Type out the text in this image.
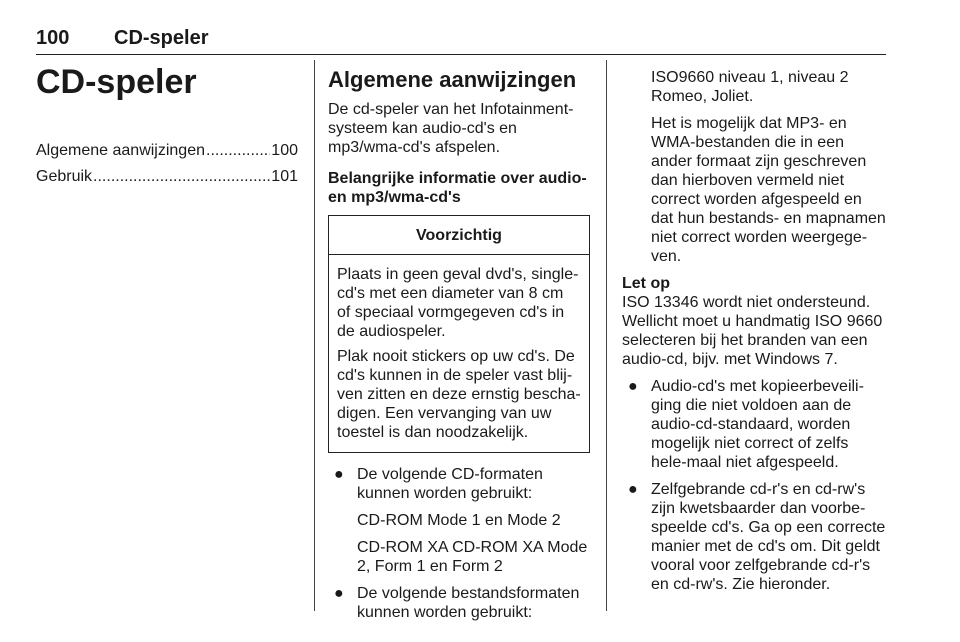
100 CD-speler
CD-speler
Algemene aanwijzingen .....	100
Gebruik .....	101
Algemene aanwijzingen

De cd-speler van het Infotainment-systeem kan audio-cd's en mp3/wma-cd's afspelen.

Belangrijke informatie over audio- en mp3/wma-cd's
Voorzichtig

Plaats in geen geval dvd's, single-cd's met een diameter van 8 cm of speciaal vormgegeven cd's in de audiospeler.

Plak nooit stickers op uw cd's. De cd's kunnen in de speler vast blij-ven zitten en deze ernstig bescha-digen. Een vervanging van uw toestel is dan noodzakelijk.

● De volgende CD-formaten kunnen worden gebruikt:

CD-ROM Mode 1 en Mode 2

CD-ROM XA CD-ROM XA Mode 2, Form 1 en Form 2

● De volgende bestandsformaten kunnen worden gebruikt:

ISO9660 niveau 1, niveau 2 Romeo, Joliet.

Het is mogelijk dat MP3- en WMA-bestanden die in een ander formaat zijn geschreven dan hierboven vermeld niet correct worden afgespeeld en dat hun bestands- en mapnamen niet correct worden weergege-ven.

Let op
ISO 13346 wordt niet ondersteund. Wellicht moet u handmatig ISO 9660 selecteren bij het branden van een audio-cd, bijv. met Windows 7.
● Audio-cd's met kopieerbeveili-ging die niet voldoen aan de audio-cd-standaard, worden mogelijk niet correct of zelfs hele-maal niet afgespeeld.
● Zelfgebrande cd-r's en cd-rw's zijn kwetsbaarder dan voorbe-speelde cd's. Ga op een correcte manier met de cd's om. Dit geldt vooral voor zelfgebrande cd-r's en cd-rw's. Zie hieronder.
